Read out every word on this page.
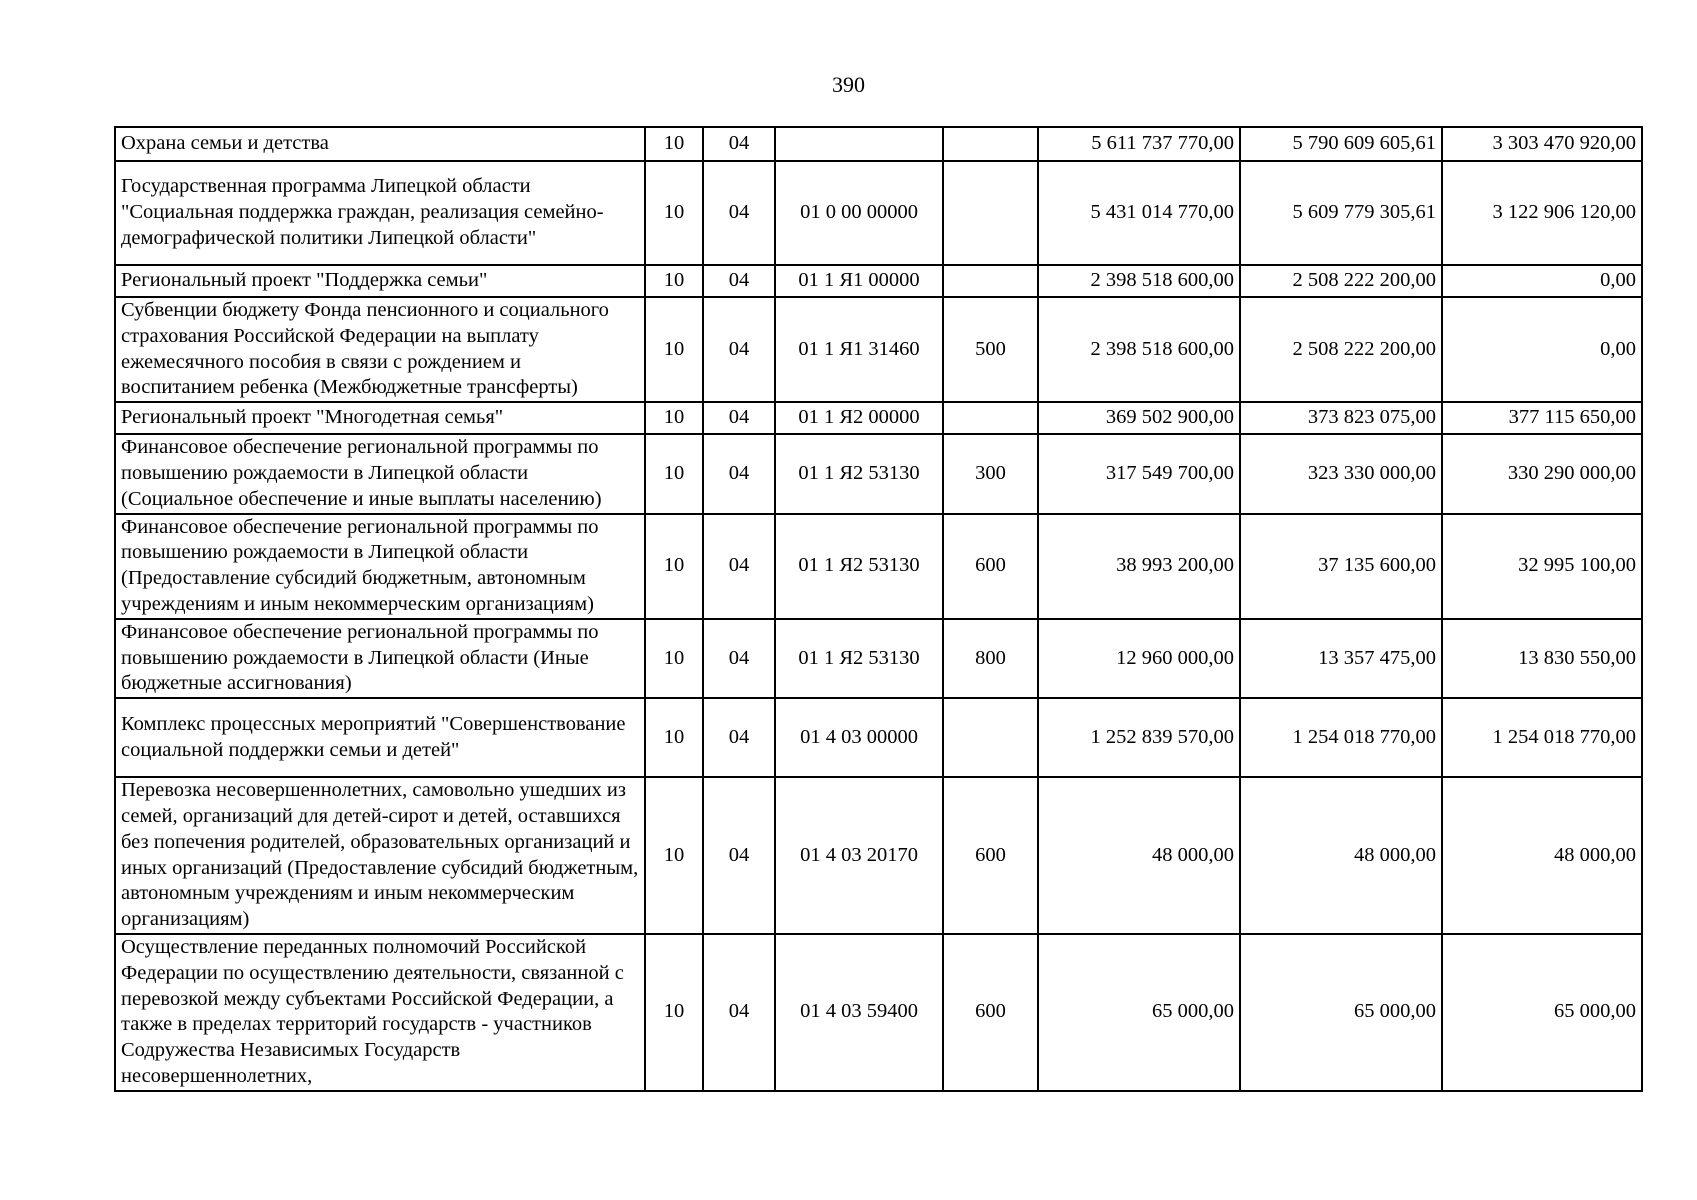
390
Охрана семьи и детства	10	04			5 611 737 770,00	5 790 609 605,61	3 303 470 920,00
Государственная программа Липецкой области "Социальная поддержка граждан, реализация семейно-демографической политики Липецкой области"	10	04	01 0 00 00000		5 431 014 770,00	5 609 779 305,61	3 122 906 120,00
Региональный проект "Поддержка семьи"	10	04	01 1 Я1 00000		2 398 518 600,00	2 508 222 200,00	0,00
Субвенции бюджету Фонда пенсионного и социального страхования Российской Федерации на выплату ежемесячного пособия в связи с рождением и воспитанием ребенка (Межбюджетные трансферты)	10	04	01 1 Я1 31460	500	2 398 518 600,00	2 508 222 200,00	0,00
Региональный проект "Многодетная семья"	10	04	01 1 Я2 00000		369 502 900,00	373 823 075,00	377 115 650,00
Финансовое обеспечение региональной программы по повышению рождаемости в Липецкой области (Социальное обеспечение и иные выплаты населению)	10	04	01 1 Я2 53130	300	317 549 700,00	323 330 000,00	330 290 000,00
Финансовое обеспечение региональной программы по повышению рождаемости в Липецкой области (Предоставление субсидий бюджетным, автономным учреждениям и иным некоммерческим организациям)	10	04	01 1 Я2 53130	600	38 993 200,00	37 135 600,00	32 995 100,00
Финансовое обеспечение региональной программы по повышению рождаемости в Липецкой области (Иные бюджетные ассигнования)	10	04	01 1 Я2 53130	800	12 960 000,00	13 357 475,00	13 830 550,00
Комплекс процессных мероприятий "Совершенствование социальной поддержки семьи и детей"	10	04	01 4 03 00000		1 252 839 570,00	1 254 018 770,00	1 254 018 770,00
Перевозка несовершеннолетних, самовольно ушедших из семей, организаций для детей-сирот и детей, оставшихся без попечения родителей, образовательных организаций и иных организаций (Предоставление субсидий бюджетным, автономным учреждениям и иным некоммерческим организациям)	10	04	01 4 03 20170	600	48 000,00	48 000,00	48 000,00
Осуществление переданных полномочий Российской Федерации по осуществлению деятельности, связанной с перевозкой между субъектами Российской Федерации, а также в пределах территорий государств - участников Содружества Независимых Государств несовершеннолетних,	10	04	01 4 03 59400	600	65 000,00	65 000,00	65 000,00
